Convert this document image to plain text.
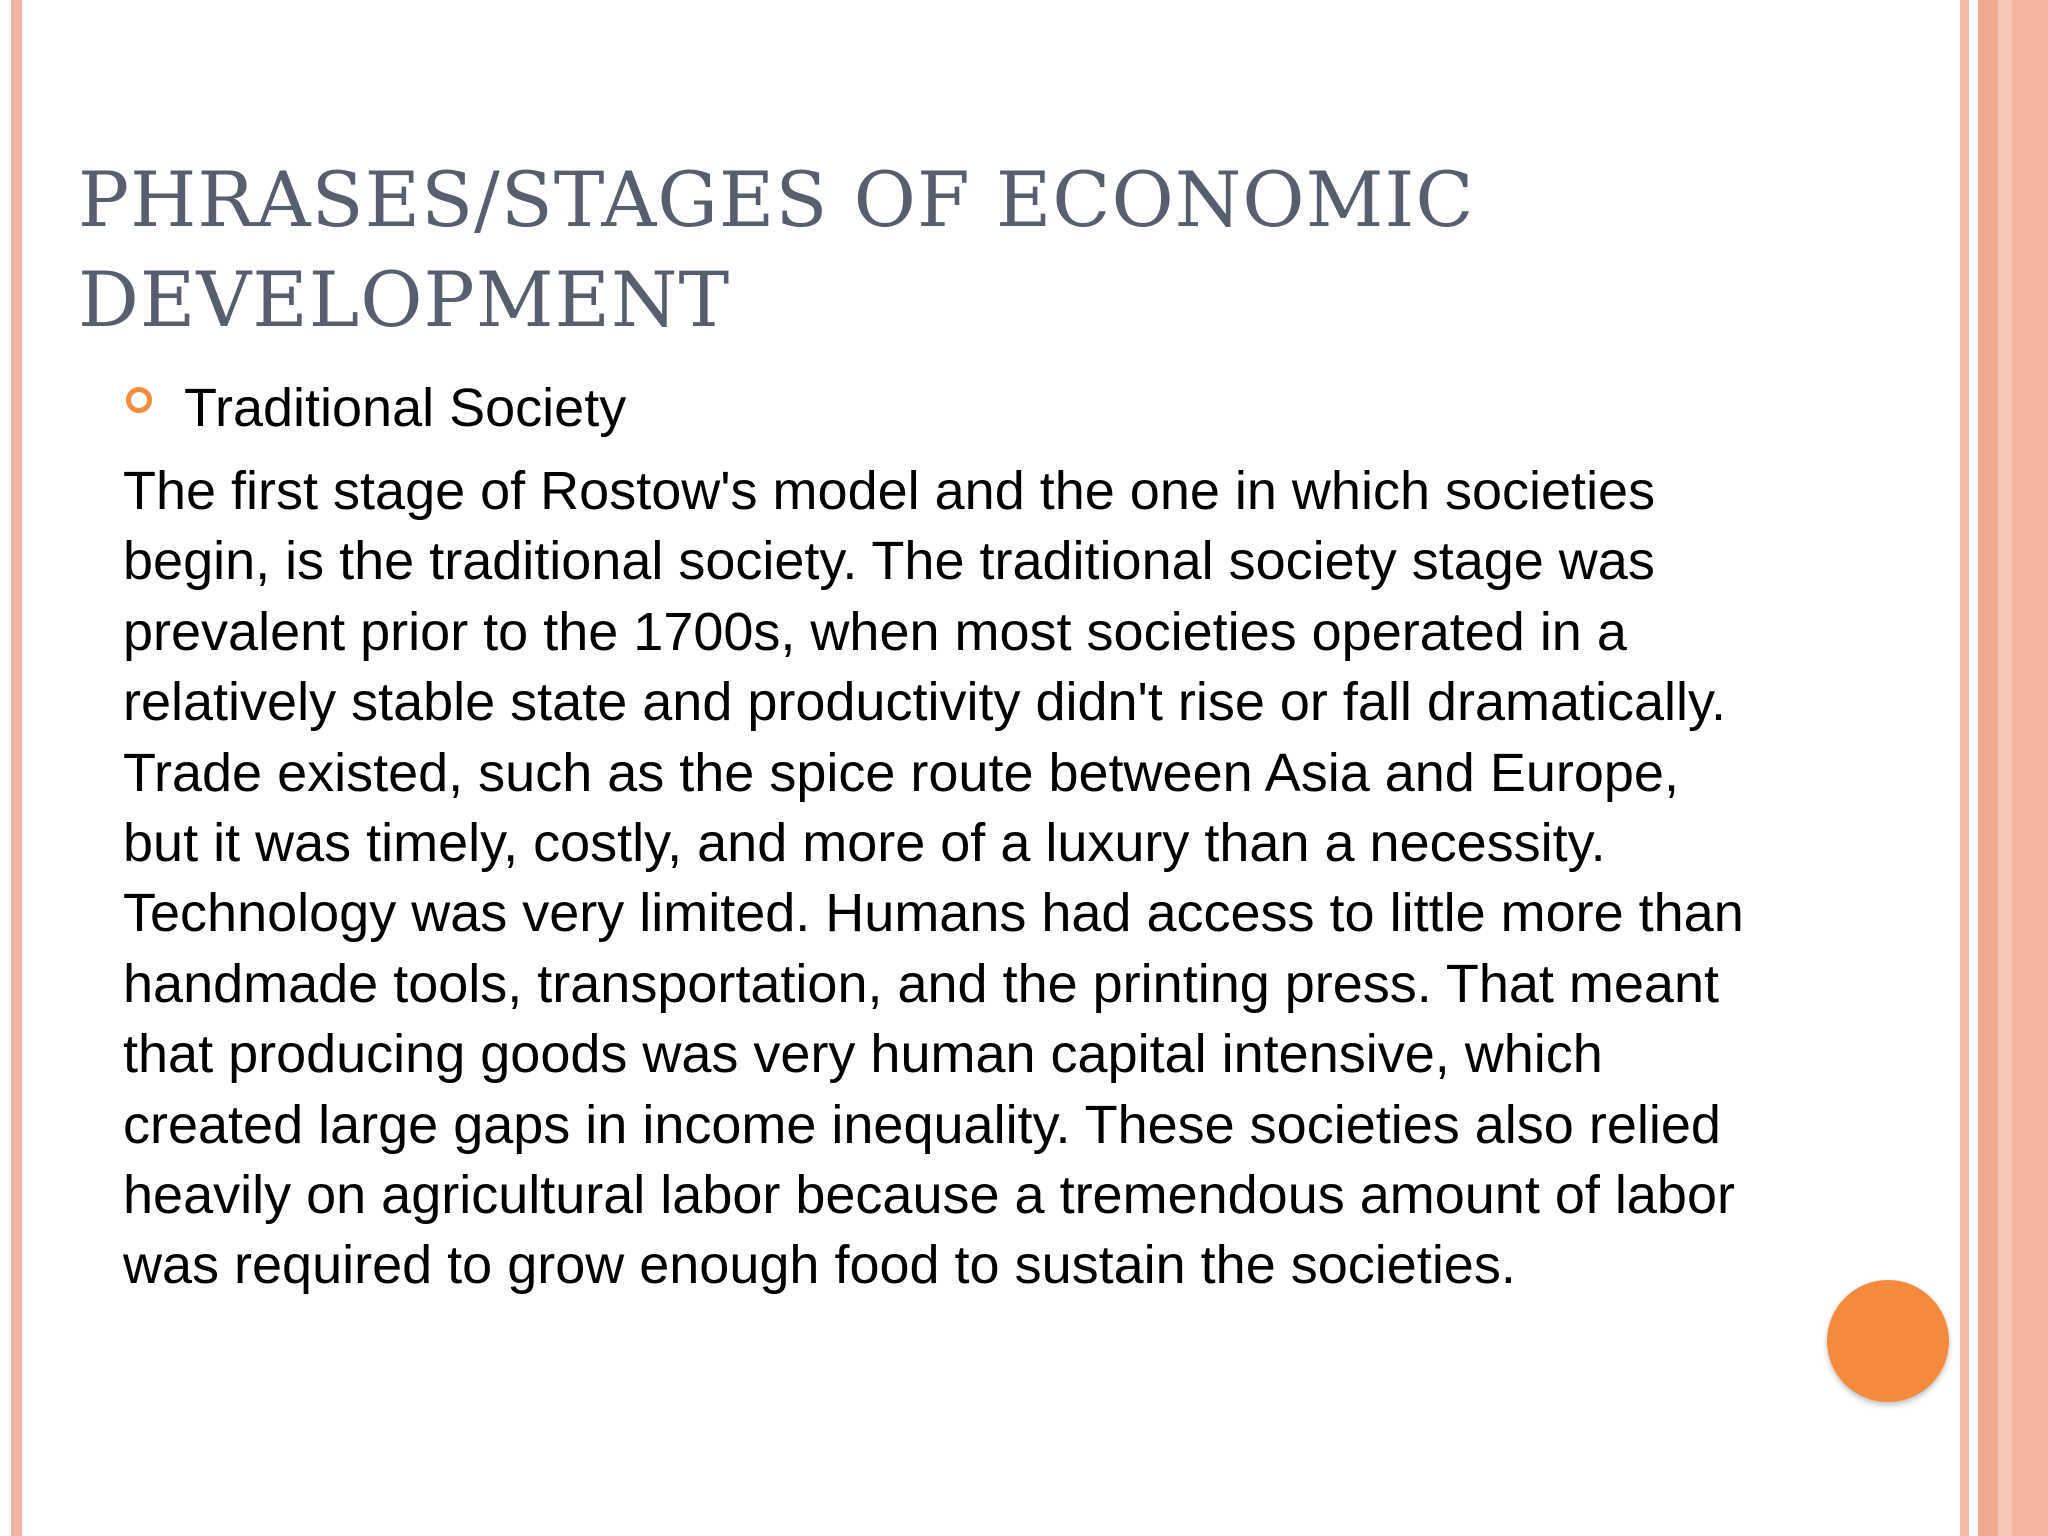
PHRASES/STAGES OF ECONOMIC DEVELOPMENT
Traditional Society

The first stage of Rostow's model and the one in which societies begin, is the traditional society. The traditional society stage was prevalent prior to the 1700s, when most societies operated in a relatively stable state and productivity didn't rise or fall dramatically. Trade existed, such as the spice route between Asia and Europe, but it was timely, costly, and more of a luxury than a necessity. Technology was very limited. Humans had access to little more than handmade tools, transportation, and the printing press. That meant that producing goods was very human capital intensive, which created large gaps in income inequality. These societies also relied heavily on agricultural labor because a tremendous amount of labor was required to grow enough food to sustain the societies.
